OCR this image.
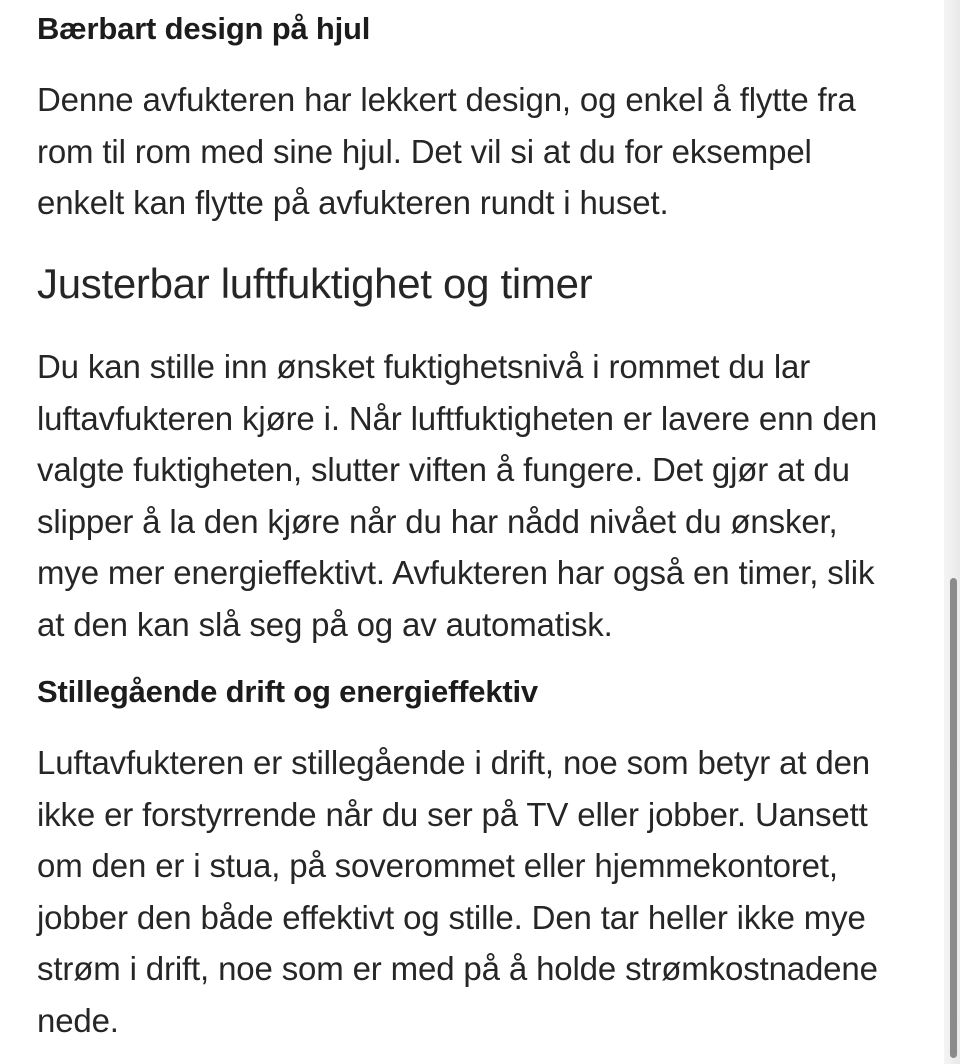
Bærbart design på hjul

Denne avfukteren har lekkert design, og enkel å flytte fra
rom til rom med sine hjul. Det vil si at du for eksempel
enkelt kan flytte på avfukteren rundt i huset.

Justerbar luftfuktighet og timer

Du kan stille inn ønsket fuktighetsnivå i rommet du lar
luftavfukteren kjøre i. Når luftfuktigheten er lavere enn den
valgte fuktigheten, slutter viften å fungere. Det gjør at du
slipper å la den kjøre når du har nådd nivået du ønsker,
mye mer energieffektivt. Avfukteren har også en timer, slik
at den kan slå seg på og av automatisk.

Stillegående drift og energieffektiv

Luftavfukteren er stillegående i drift, noe som betyr at den
ikke er forstyrrende når du ser på TV eller jobber. Uansett
om den er i stua, på soverommet eller hjemmekontoret,
jobber den både effektivt og stille. Den tar heller ikke mye
strøm i drift, noe som er med på å holde strømkostnadene
nede.
